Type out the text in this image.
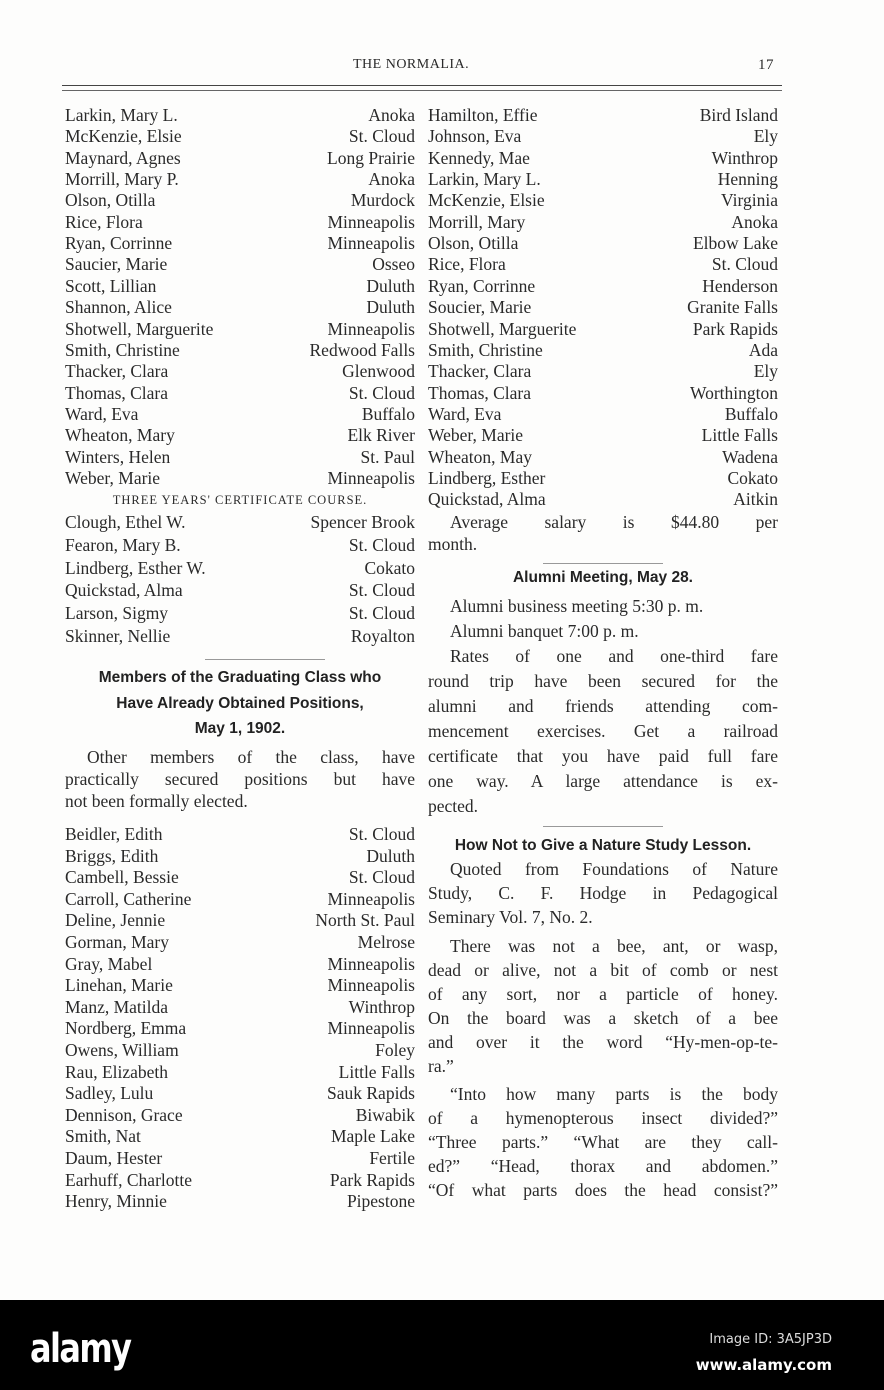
THE NORMALIA.	17
Larkin, Mary L.	Anoka
McKenzie, Elsie	St. Cloud
Maynard, Agnes	Long Prairie
Morrill, Mary P.	Anoka
Olson, Otilla	Murdock
Rice, Flora	Minneapolis
Ryan, Corrinne	Minneapolis
Saucier, Marie	Osseo
Scott, Lillian	Duluth
Shannon, Alice	Duluth
Shotwell, Marguerite	Minneapolis
Smith, Christine	Redwood Falls
Thacker, Clara	Glenwood
Thomas, Clara	St. Cloud
Ward, Eva	Buffalo
Wheaton, Mary	Elk River
Winters, Helen	St. Paul
Weber, Marie	Minneapolis
THREE YEARS' CERTIFICATE COURSE.
Clough, Ethel W.	Spencer Brook
Fearon, Mary B.	St. Cloud
Lindberg, Esther W.	Cokato
Quickstad, Alma	St. Cloud
Larson, Sigmy	St. Cloud
Skinner, Nellie	Royalton
Members of the Graduating Class who
Have Already Obtained Positions,
May 1, 1902.
Other members of the class, have
practically secured positions but have
not been formally elected.
Beidler, Edith	St. Cloud
Briggs, Edith	Duluth
Cambell, Bessie	St. Cloud
Carroll, Catherine	Minneapolis
Deline, Jennie	North St. Paul
Gorman, Mary	Melrose
Gray, Mabel	Minneapolis
Linehan, Marie	Minneapolis
Manz, Matilda	Winthrop
Nordberg, Emma	Minneapolis
Owens, William	Foley
Rau, Elizabeth	Little Falls
Sadley, Lulu	Sauk Rapids
Dennison, Grace	Biwabik
Smith, Nat	Maple Lake
Daum, Hester	Fertile
Earhuff, Charlotte	Park Rapids
Henry, Minnie	Pipestone
Hamilton, Effie	Bird Island
Johnson, Eva	Ely
Kennedy, Mae	Winthrop
Larkin, Mary L.	Henning
McKenzie, Elsie	Virginia
Morrill, Mary	Anoka
Olson, Otilla	Elbow Lake
Rice, Flora	St. Cloud
Ryan, Corrinne	Henderson
Soucier, Marie	Granite Falls
Shotwell, Marguerite	Park Rapids
Smith, Christine	Ada
Thacker, Clara	Ely
Thomas, Clara	Worthington
Ward, Eva	Buffalo
Weber, Marie	Little Falls
Wheaton, May	Wadena
Lindberg, Esther	Cokato
Quickstad, Alma	Aitkin
Average salary is $44.80 per
month.
Alumni Meeting, May 28.
Alumni business meeting 5:30 p. m.
Alumni banquet 7:00 p. m.
Rates of one and one-third fare
round trip have been secured for the
alumni and friends attending com-
mencement exercises. Get a railroad
certificate that you have paid full fare
one way. A large attendance is ex-
pected.
How Not to Give a Nature Study Lesson.
Quoted from Foundations of Nature
Study, C. F. Hodge in Pedagogical
Seminary Vol. 7, No. 2.
There was not a bee, ant, or wasp,
dead or alive, not a bit of comb or nest
of any sort, nor a particle of honey.
On the board was a sketch of a bee
and over it the word “Hy-men-op-te-
ra.”
“Into how many parts is the body
of a hymenopterous insect divided?”
“Three parts.” “What are they call-
ed?” “Head, thorax and abdomen.”
“Of what parts does the head consist?”
alamy	Image ID: 3A5JP3D
www.alamy.com
